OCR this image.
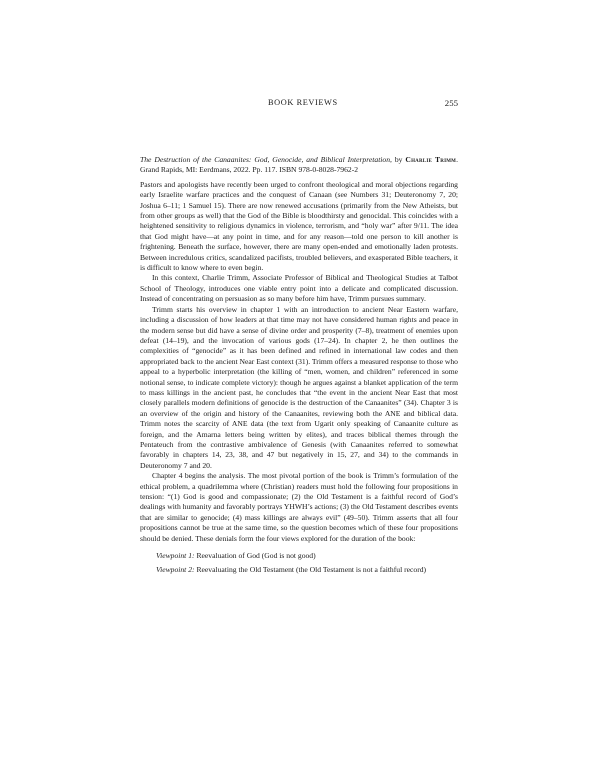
BOOK REVIEWS	255

The Destruction of the Canaanites: God, Genocide, and Biblical Interpretation, by Charlie Trimm. Grand Rapids, MI: Eerdmans, 2022. Pp. 117. ISBN 978-0-8028-7962-2

Pastors and apologists have recently been urged to confront theological and moral objections regarding early Israelite warfare practices and the conquest of Canaan (see Numbers 31; Deuteronomy 7, 20; Joshua 6–11; 1 Samuel 15). There are now renewed accusations (primarily from the New Atheists, but from other groups as well) that the God of the Bible is bloodthirsty and genocidal. This coincides with a heightened sensitivity to religious dynamics in violence, terrorism, and “holy war” after 9/11. The idea that God might have—at any point in time, and for any reason—told one person to kill another is frightening. Beneath the surface, however, there are many open-ended and emotionally laden protests. Between incredulous critics, scandalized pacifists, troubled believers, and exasperated Bible teachers, it is difficult to know where to even begin.

In this context, Charlie Trimm, Associate Professor of Biblical and Theological Studies at Talbot School of Theology, introduces one viable entry point into a delicate and complicated discussion. Instead of concentrating on persuasion as so many before him have, Trimm pursues summary.

Trimm starts his overview in chapter 1 with an introduction to ancient Near Eastern warfare, including a discussion of how leaders at that time may not have considered human rights and peace in the modern sense but did have a sense of divine order and prosperity (7–8), treatment of enemies upon defeat (14–19), and the invocation of various gods (17–24). In chapter 2, he then outlines the complexities of “genocide” as it has been defined and refined in international law codes and then appropriated back to the ancient Near East context (31). Trimm offers a measured response to those who appeal to a hyperbolic interpretation (the killing of “men, women, and children” referenced in some notional sense, to indicate complete victory): though he argues against a blanket application of the term to mass killings in the ancient past, he concludes that “the event in the ancient Near East that most closely parallels modern definitions of genocide is the destruction of the Canaanites” (34). Chapter 3 is an overview of the origin and history of the Canaanites, reviewing both the ANE and biblical data. Trimm notes the scarcity of ANE data (the text from Ugarit only speaking of Canaanite culture as foreign, and the Amarna letters being written by elites), and traces biblical themes through the Pentateuch from the contrastive ambivalence of Genesis (with Canaanites referred to somewhat favorably in chapters 14, 23, 38, and 47 but negatively in 15, 27, and 34) to the commands in Deuteronomy 7 and 20.

Chapter 4 begins the analysis. The most pivotal portion of the book is Trimm’s formulation of the ethical problem, a quadrilemma where (Christian) readers must hold the following four propositions in tension: “(1) God is good and compassionate; (2) the Old Testament is a faithful record of God’s dealings with humanity and favorably portrays YHWH’s actions; (3) the Old Testament describes events that are similar to genocide; (4) mass killings are always evil” (49–50). Trimm asserts that all four propositions cannot be true at the same time, so the question becomes which of these four propositions should be denied. These denials form the four views explored for the duration of the book:

Viewpoint 1: Reevaluation of God (God is not good)

Viewpoint 2: Reevaluating the Old Testament (the Old Testament is not a faithful record)
